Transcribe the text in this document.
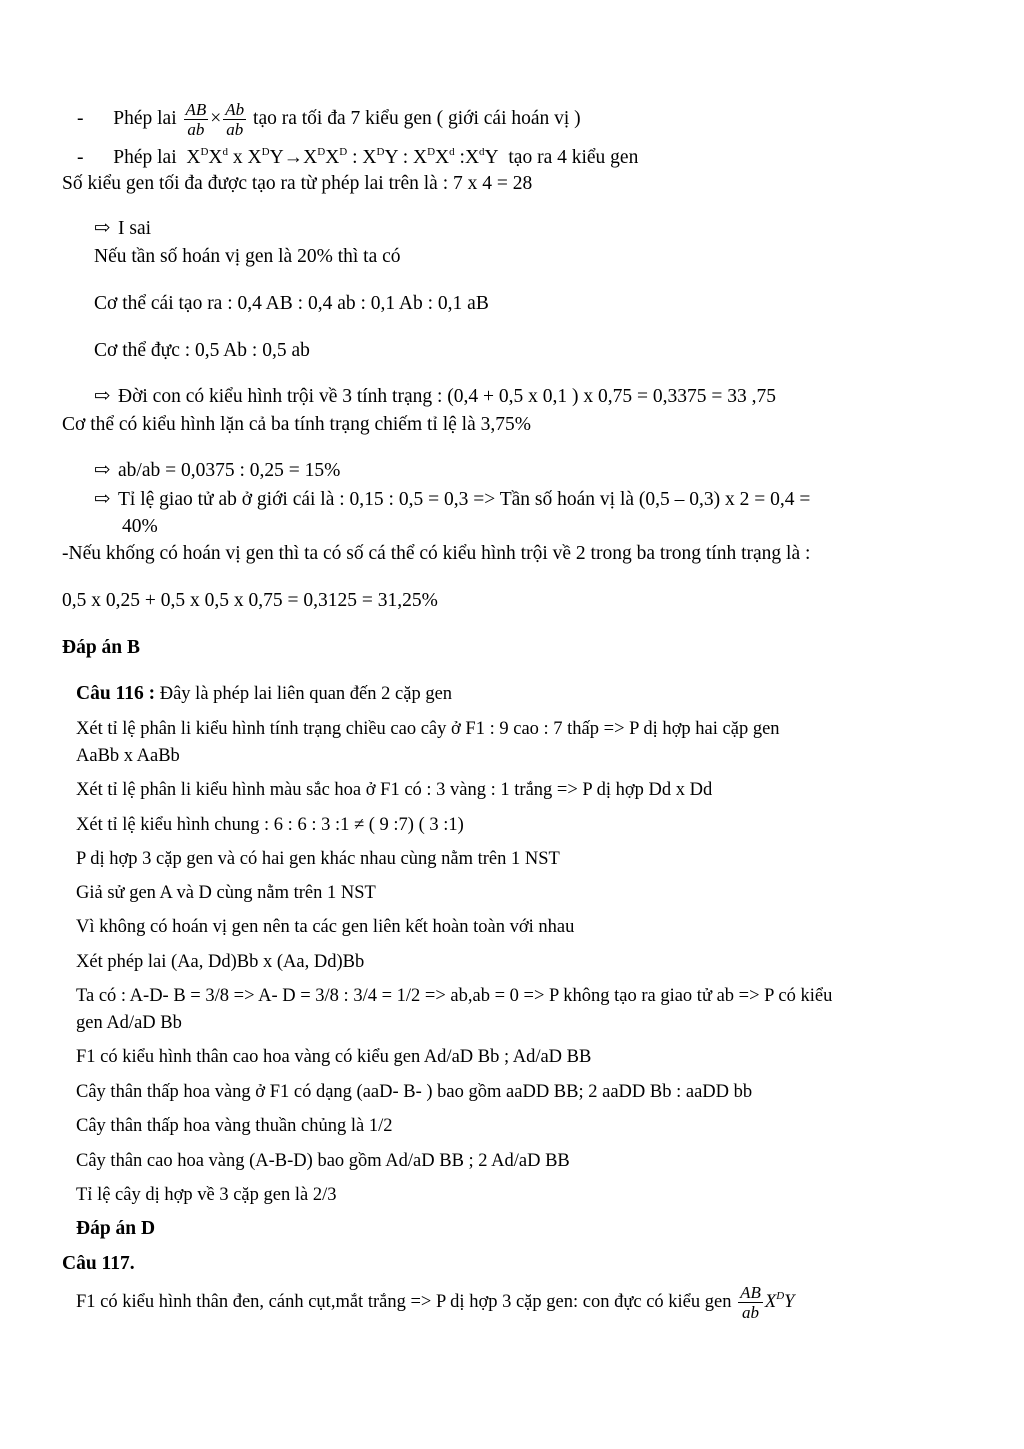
- Phép lai $\frac{AB}{ab} \times \frac{Ab}{ab}$ tạo ra tối đa 7 kiểu gen ( giới cái hoán vị )
- Phép lai $X^DX^d$ x $X^DY\to X^DX^D$ : $X^DY$ : $X^DX^d$ $:X^dY$ tạo ra 4 kiểu gen
Số kiểu gen tối đa được tạo ra từ phép lai trên là : 7 x 4 = 28
⇨ I sai
Nếu tần số hoán vị gen là 20% thì ta có
Cơ thể cái tạo ra : 0,4 AB : 0,4 ab : 0,1 Ab : 0,1 aB
Cơ thể đực : 0,5 Ab : 0,5 ab
⇨ Đời con có kiểu hình trội về 3 tính trạng : (0,4 + 0,5 x 0,1 ) x 0,75 = 0,3375 = 33 ,75
Cơ thể có kiểu hình lặn cả ba tính trạng chiếm tỉ lệ là 3,75%
⇨ ab/ab = 0,0375 : 0,25 = 15%
⇨ Tỉ lệ giao tử ab ở giới cái là : 0,15 : 0,5 = 0,3 => Tần số hoán vị là (0,5 – 0,3) x 2 = 0,4 =
40%
-Nếu khống có hoán vị gen thì ta có số cá thể có kiểu hình trội về 2 trong ba trong tính trạng là :
0,5 x 0,25 + 0,5 x 0,5 x 0,75 = 0,3125 = 31,25%
Đáp án B
Câu 116 : Đây là phép lai liên quan đến 2 cặp gen
Xét tỉ lệ phân li kiểu hình tính trạng chiều cao cây ở F1 : 9 cao : 7 thấp => P dị hợp hai cặp gen
AaBb x AaBb
Xét tỉ lệ phân li kiểu hình màu sắc hoa ở F1 có : 3 vàng : 1 trắng => P dị hợp Dd x Dd
Xét tỉ lệ kiểu hình chung : 6 : 6 : 3 :1 ≠ ( 9 :7) ( 3 :1)
P dị hợp 3 cặp gen và có hai gen khác nhau cùng nằm trên 1 NST
Giả sử gen A và D cùng nằm trên 1 NST
Vì không có hoán vị gen nên ta các gen liên kết hoàn toàn với nhau
Xét phép lai (Aa, Dd)Bb x (Aa, Dd)Bb
Ta có : A-D- B = 3/8 => A- D = 3/8 : 3/4 = 1/2 => ab,ab = 0 => P không tạo ra giao tử ab => P có kiểu
gen Ad/aD Bb
F1 có kiểu hình thân cao hoa vàng có kiểu gen Ad/aD Bb ; Ad/aD BB
Cây thân thấp hoa vàng ở F1 có dạng (aaD- B- ) bao gồm aaDD BB; 2 aaDD Bb : aaDD bb
Cây thân thấp hoa vàng thuần chủng là 1/2
Cây thân cao hoa vàng (A-B-D) bao gồm Ad/aD BB ; 2 Ad/aD BB
Tỉ lệ cây dị hợp về 3 cặp gen là 2/3
Đáp án D
Câu 117.
F1 có kiểu hình thân đen, cánh cụt,mắt trắng => P dị hợp 3 cặp gen: con đực có kiểu gen $\frac{AB}{ab} X^DY$
